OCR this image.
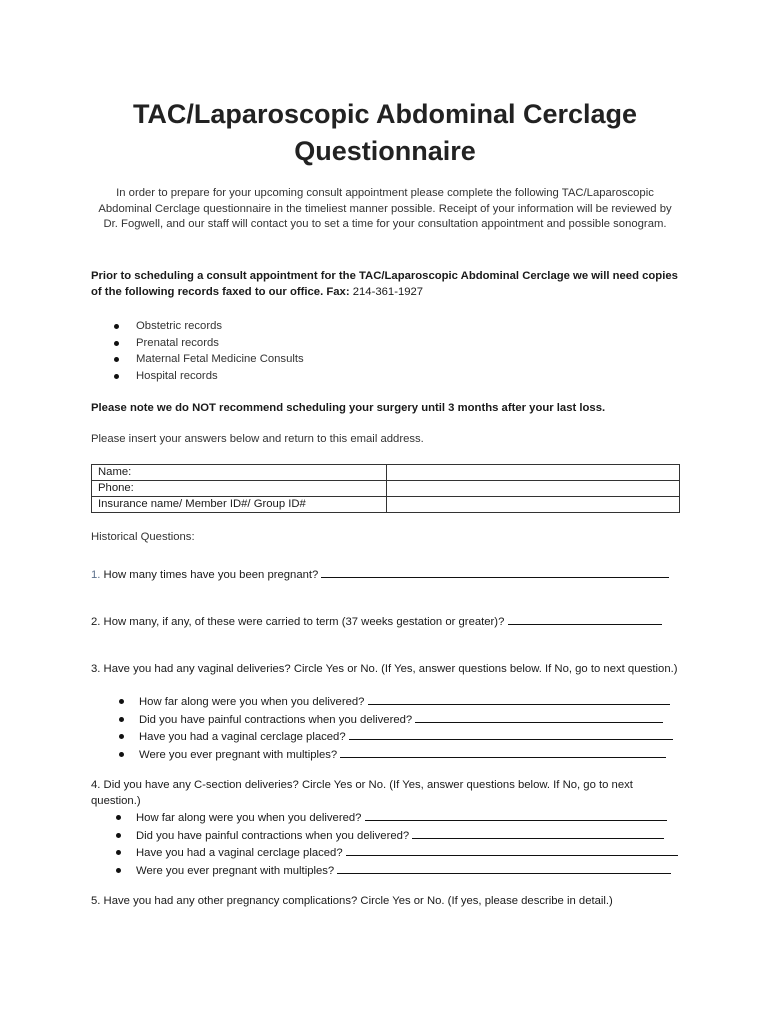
TAC/Laparoscopic Abdominal Cerclage
Questionnaire
In order to prepare for your upcoming consult appointment please complete the following TAC/Laparoscopic Abdominal Cerclage questionnaire in the timeliest manner possible. Receipt of your information will be reviewed by Dr. Fogwell, and our staff will contact you to set a time for your consultation appointment and possible sonogram.
Prior to scheduling a consult appointment for the TAC/Laparoscopic Abdominal Cerclage we will need copies of the following records faxed to our office. Fax: 214-361-1927
Obstetric records
Prenatal records
Maternal Fetal Medicine Consults
Hospital records
Please note we do NOT recommend scheduling your surgery until 3 months after your last loss.
Please insert your answers below and return to this email address.
Name:	
Phone:	
Insurance name/ Member ID#/ Group ID#	
Historical Questions:
1. How many times have you been pregnant?
2. How many, if any, of these were carried to term (37 weeks gestation or greater)?
3. Have you had any vaginal deliveries? Circle Yes or No. (If Yes, answer questions below. If No, go to next question.)
How far along were you when you delivered?
Did you have painful contractions when you delivered?
Have you had a vaginal cerclage placed?
Were you ever pregnant with multiples?
4. Did you have any C-section deliveries? Circle Yes or No. (If Yes, answer questions below. If No, go to next question.)
How far along were you when you delivered?
Did you have painful contractions when you delivered?
Have you had a vaginal cerclage placed?
Were you ever pregnant with multiples?
5. Have you had any other pregnancy complications? Circle Yes or No. (If yes, please describe in detail.)
